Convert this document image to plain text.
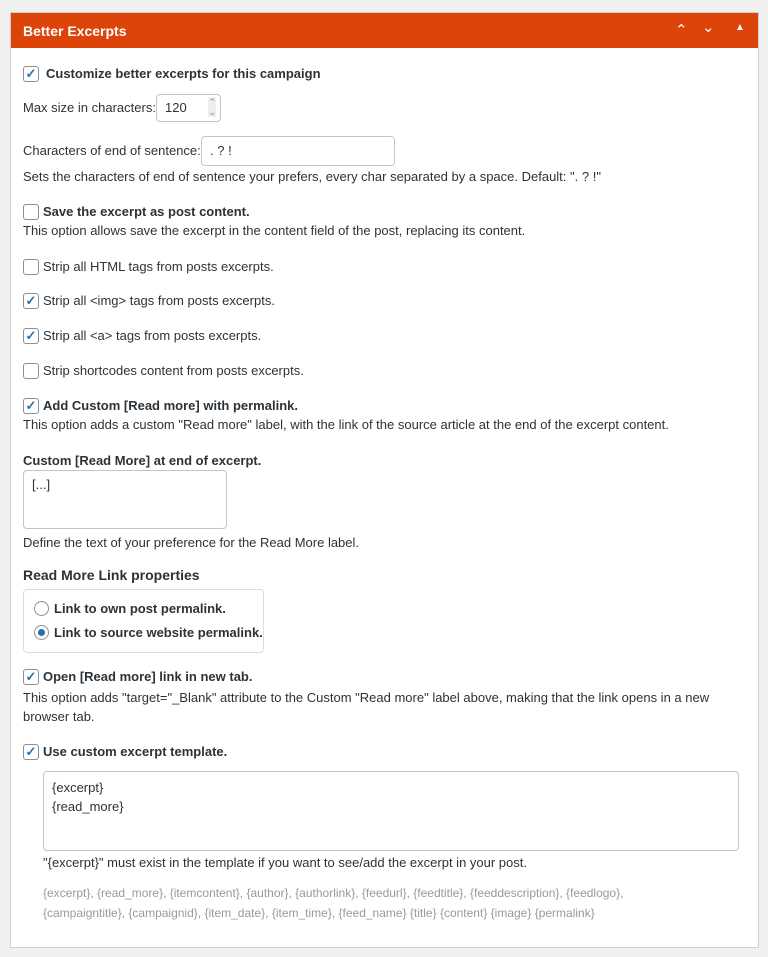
Better Excerpts	⌃ ⌄ ▲
✓ Customize better excerpts for this campaign
Max size in characters: 120 ⌃
⌄
Characters of end of sentence: . ? !
Sets the characters of end of sentence your prefers, every char separated by a space. Default: ". ? !"
Save the excerpt as post content.
This option allows save the excerpt in the content field of the post, replacing its content.
Strip all HTML tags from posts excerpts.
✓ Strip all <img> tags from posts excerpts.
✓ Strip all <a> tags from posts excerpts.
Strip shortcodes content from posts excerpts.
✓ Add Custom [Read more] with permalink.
This option adds a custom "Read more" label, with the link of the source article at the end of the excerpt content.
Custom [Read More] at end of excerpt.
[...]
Define the text of your preference for the Read More label.
Read More Link properties
Link to own post permalink.
Link to source website permalink.
✓ Open [Read more] link in new tab.
This option adds "target="_Blank" attribute to the Custom "Read more" label above, making that the link opens in a new
browser tab.
✓ Use custom excerpt template.
{excerpt}
{read_more}
"{excerpt}" must exist in the template if you want to see/add the excerpt in your post.
{excerpt}, {read_more}, {itemcontent}, {author}, {authorlink}, {feedurl}, {feedtitle}, {feeddescription}, {feedlogo},
{campaigntitle}, {campaignid}, {item_date}, {item_time}, {feed_name} {title} {content} {image} {permalink}
